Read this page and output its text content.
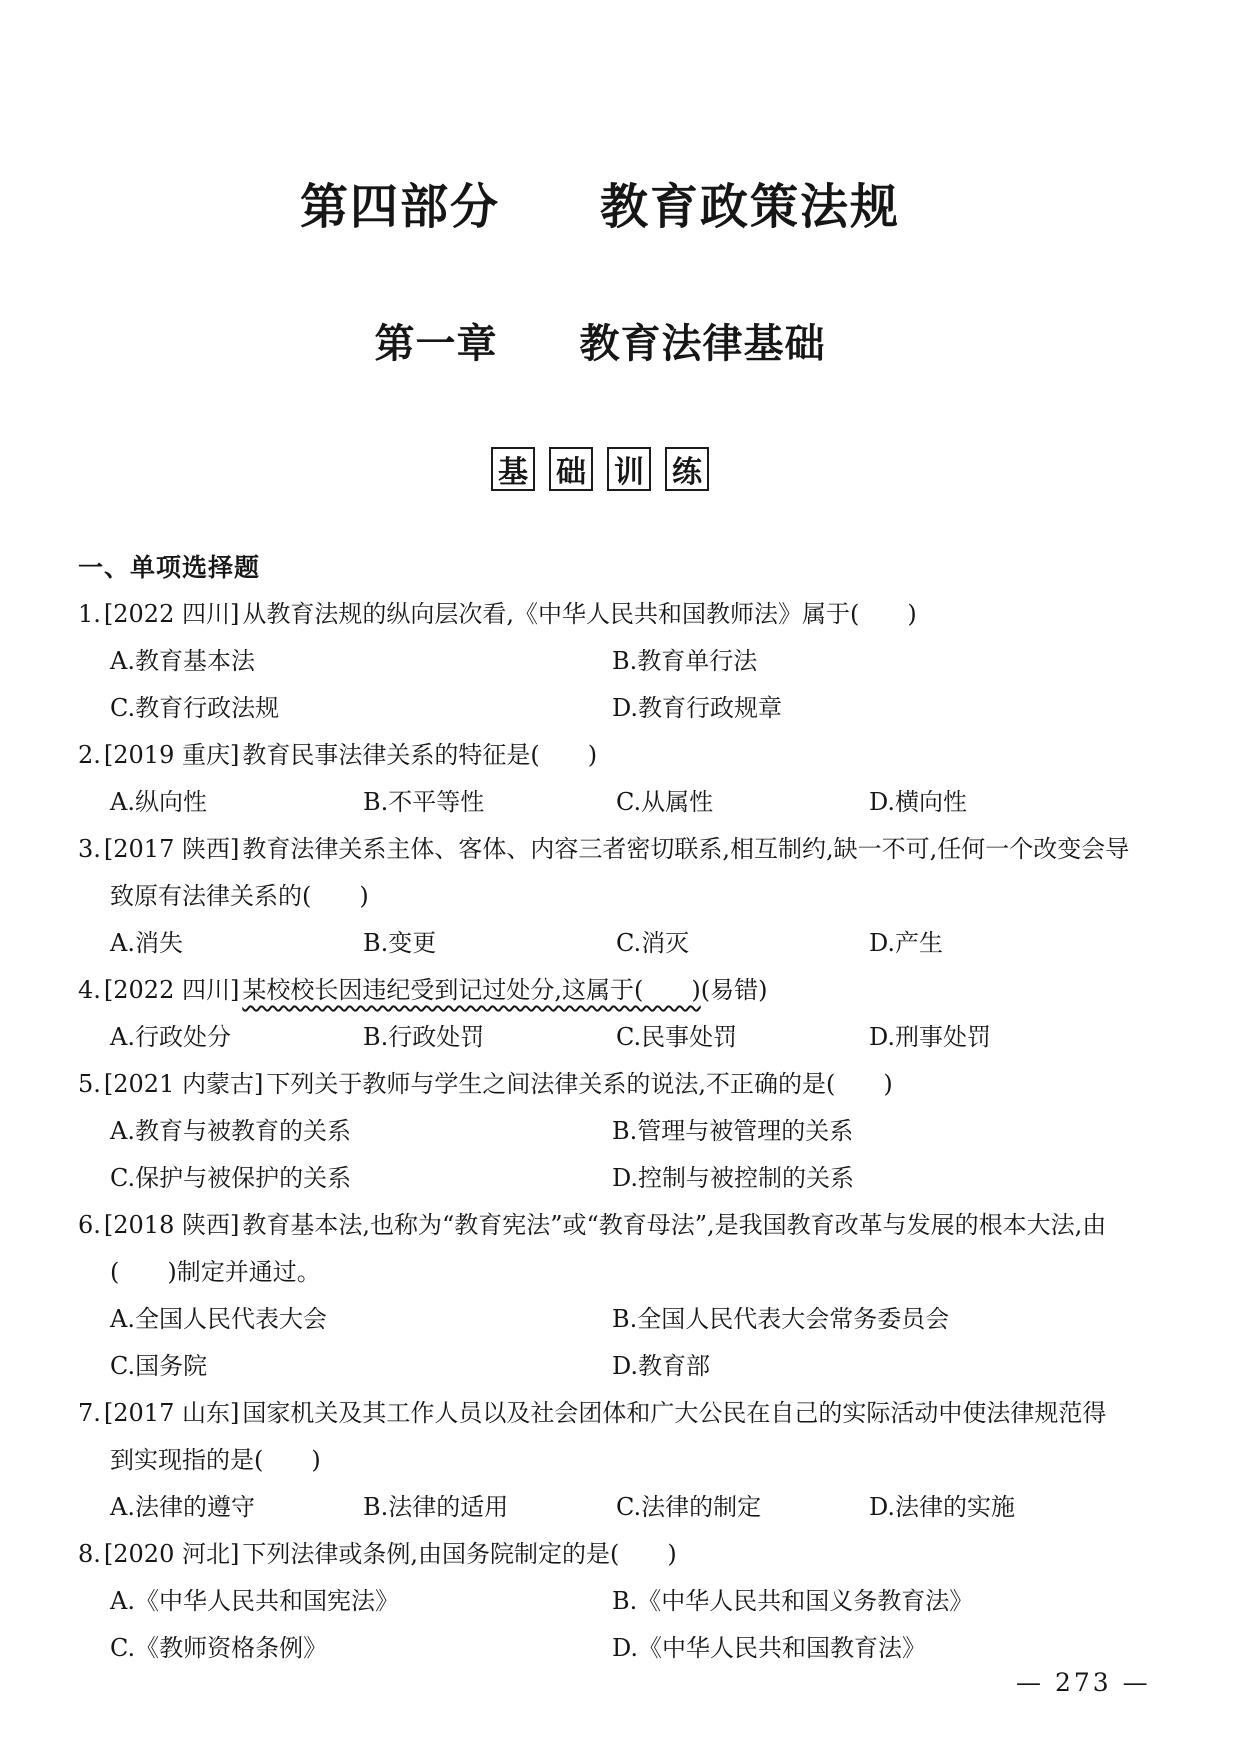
第四部分　　教育政策法规
第一章　　教育法律基础
基 础 训 练
一、单项选择题
1. [2022 四川] 从教育法规的纵向层次看,《中华人民共和国教师法》属于(　　)
A.教育基本法	B.教育单行法
C.教育行政法规	D.教育行政规章
2. [2019 重庆] 教育民事法律关系的特征是(　　)
A.纵向性	B.不平等性	C.从属性	D.横向性
3. [2017 陕西] 教育法律关系主体、客体、内容三者密切联系,相互制约,缺一不可,任何一个改变会导
致原有法律关系的(　　)
A.消失	B.变更	C.消灭	D.产生
4. [2022 四川] 某校校长因违纪受到记过处分,这属于(　　)(易错)
A.行政处分	B.行政处罚	C.民事处罚	D.刑事处罚
5. [2021 内蒙古] 下列关于教师与学生之间法律关系的说法,不正确的是(　　)
A.教育与被教育的关系	B.管理与被管理的关系
C.保护与被保护的关系	D.控制与被控制的关系
6. [2018 陕西] 教育基本法,也称为“教育宪法”或“教育母法”,是我国教育改革与发展的根本大法,由
(　　)制定并通过。
A.全国人民代表大会	B.全国人民代表大会常务委员会
C.国务院	D.教育部
7. [2017 山东] 国家机关及其工作人员以及社会团体和广大公民在自己的实际活动中使法律规范得
到实现指的是(　　)
A.法律的遵守	B.法律的适用	C.法律的制定	D.法律的实施
8. [2020 河北] 下列法律或条例,由国务院制定的是(　　)
A.《中华人民共和国宪法》	B.《中华人民共和国义务教育法》
C.《教师资格条例》	D.《中华人民共和国教育法》
— 273 —
